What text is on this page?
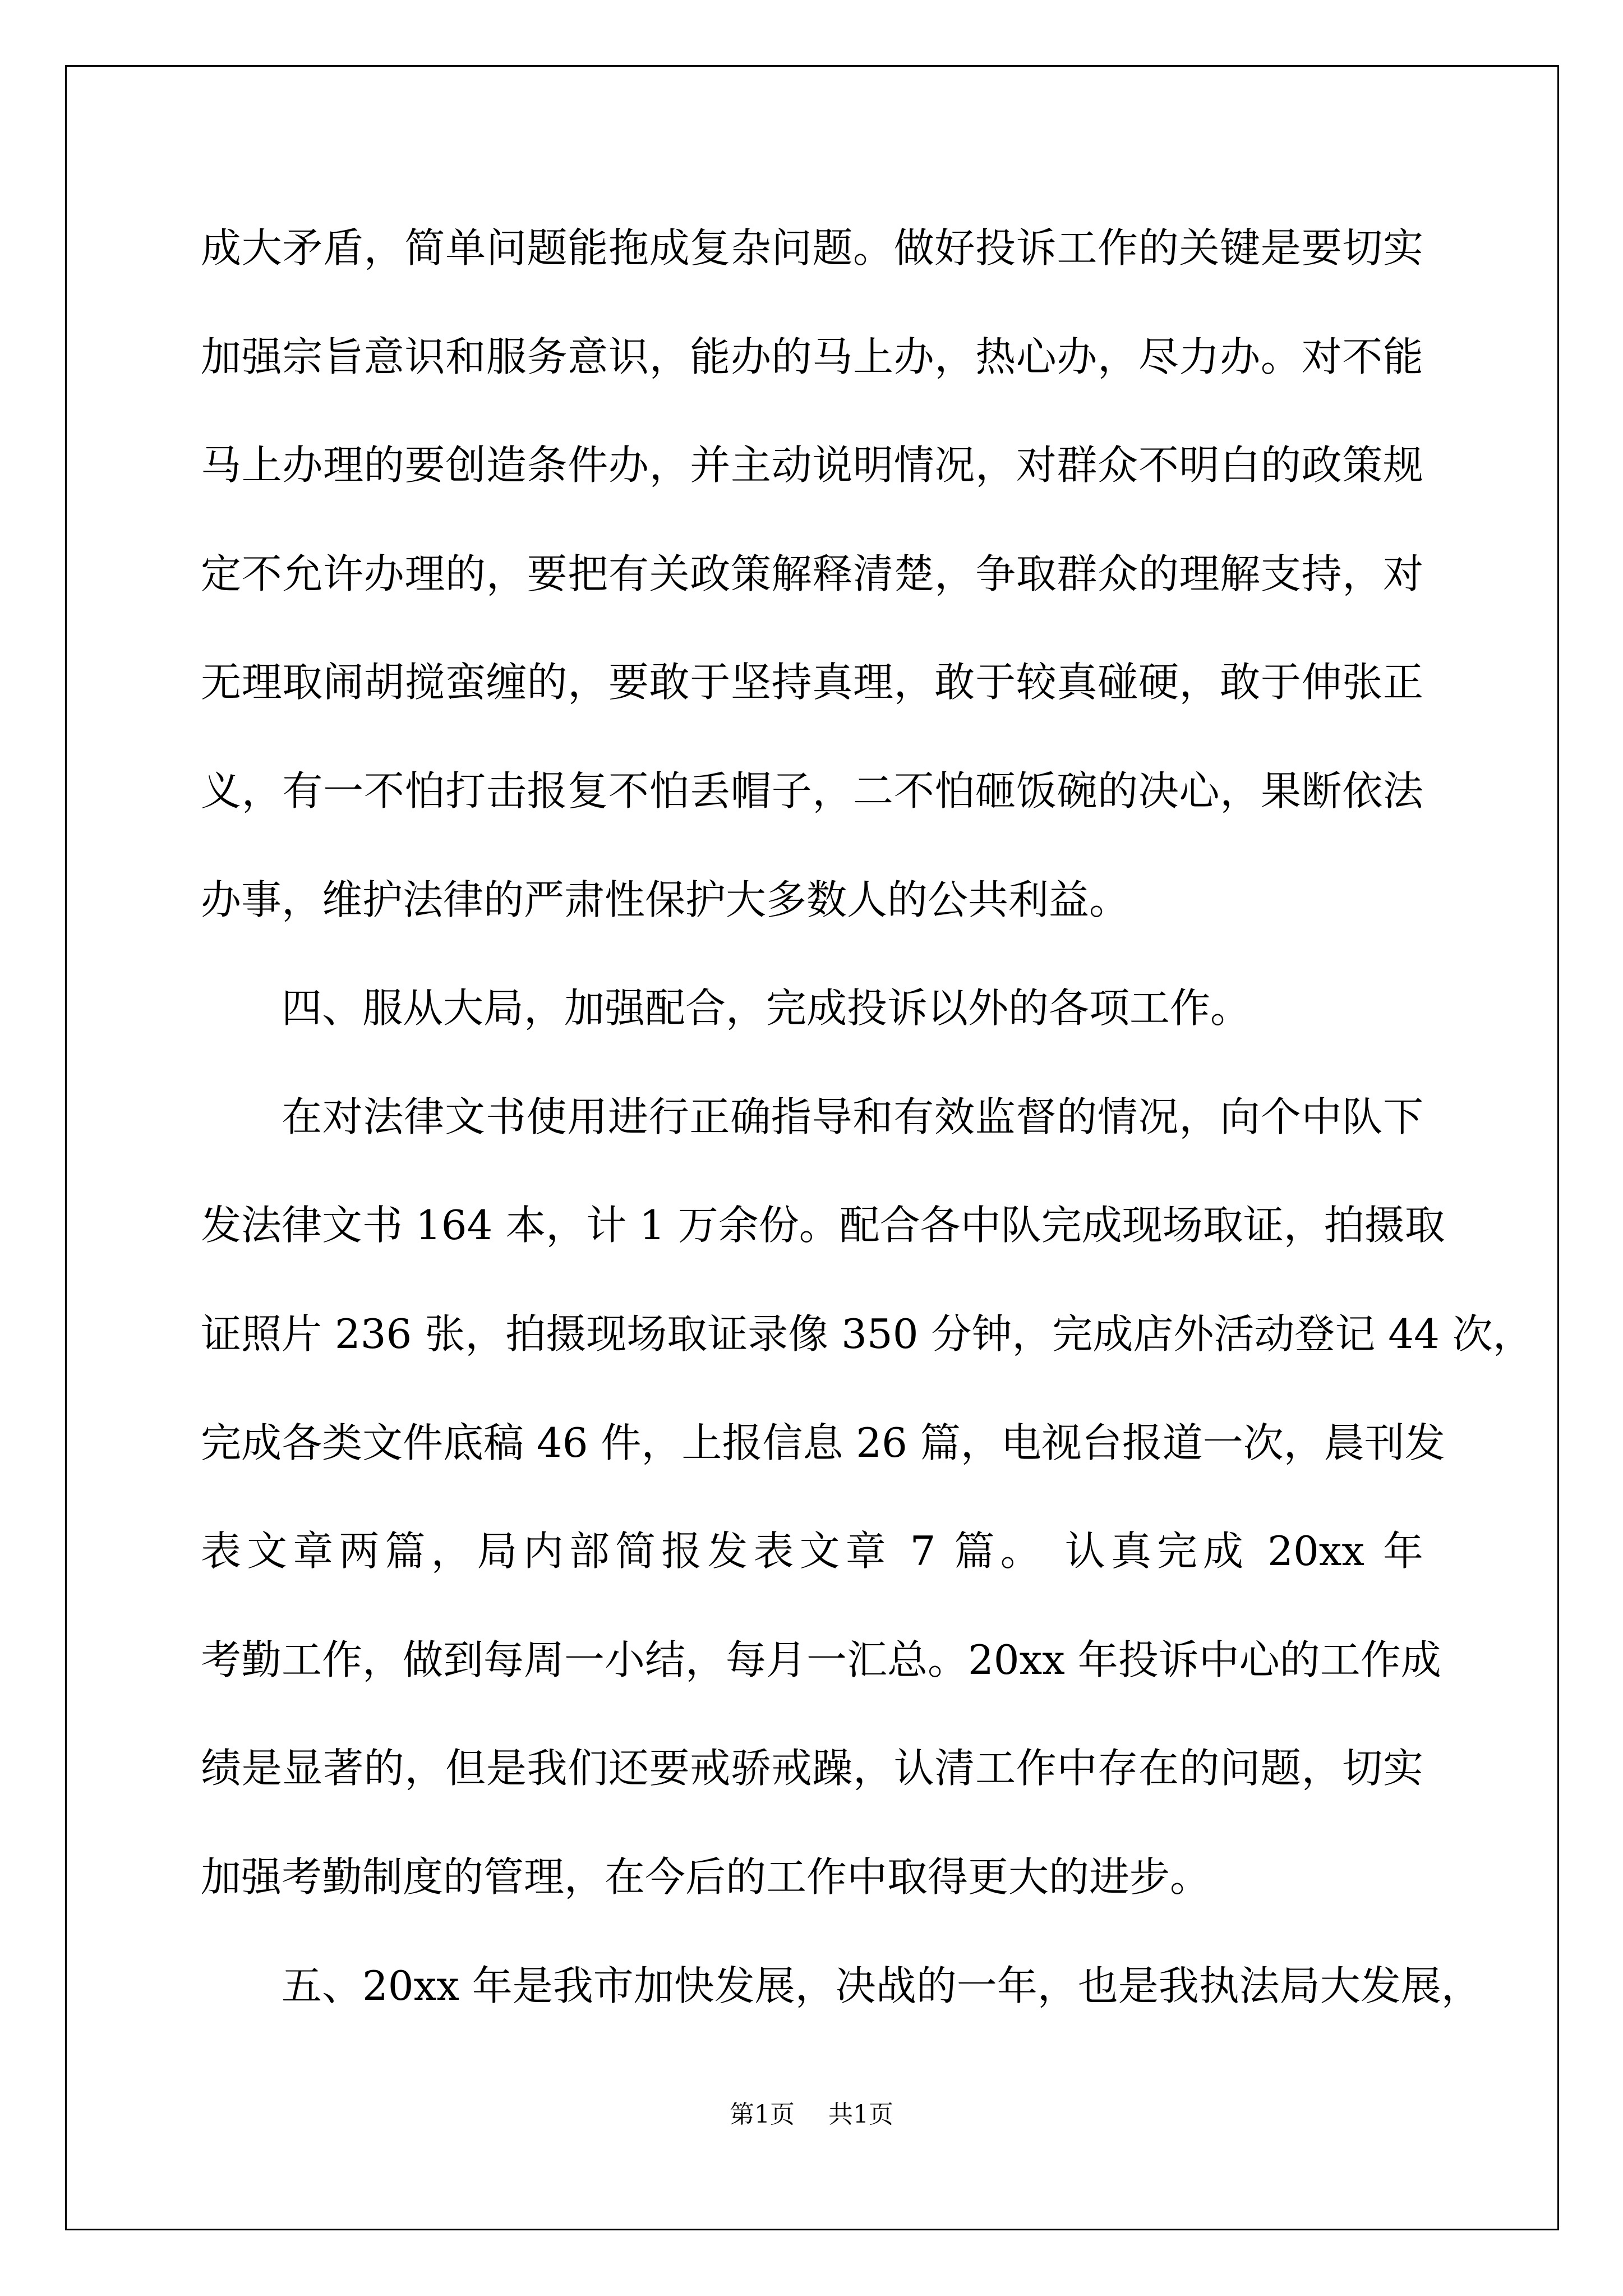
成大矛盾，简单问题能拖成复杂问题。做好投诉工作的关键是要切实
加强宗旨意识和服务意识，能办的马上办，热心办，尽力办。对不能
马上办理的要创造条件办，并主动说明情况，对群众不明白的政策规
定不允许办理的，要把有关政策解释清楚，争取群众的理解支持，对
无理取闹胡搅蛮缠的，要敢于坚持真理，敢于较真碰硬，敢于伸张正
义，有一不怕打击报复不怕丢帽子，二不怕砸饭碗的决心，果断依法
办事，维护法律的严肃性保护大多数人的公共利益。
四、服从大局，加强配合，完成投诉以外的各项工作。
在对法律文书使用进行正确指导和有效监督的情况，向个中队下
发法律文书 164 本，计 1 万余份。配合各中队完成现场取证，拍摄取
证照片 236 张，拍摄现场取证录像 350 分钟，完成店外活动登记 44 次，
完成各类文件底稿 46 件，上报信息 26 篇，电视台报道一次，晨刊发
表文章两篇，局内部简报发表文章 7 篇。 认真完成 20xx 年
考勤工作，做到每周一小结，每月一汇总。20xx 年投诉中心的工作成
绩是显著的，但是我们还要戒骄戒躁，认清工作中存在的问题，切实
加强考勤制度的管理，在今后的工作中取得更大的进步。
五、20xx 年是我市加快发展，决战的一年，也是我执法局大发展，
第1页 共1页
